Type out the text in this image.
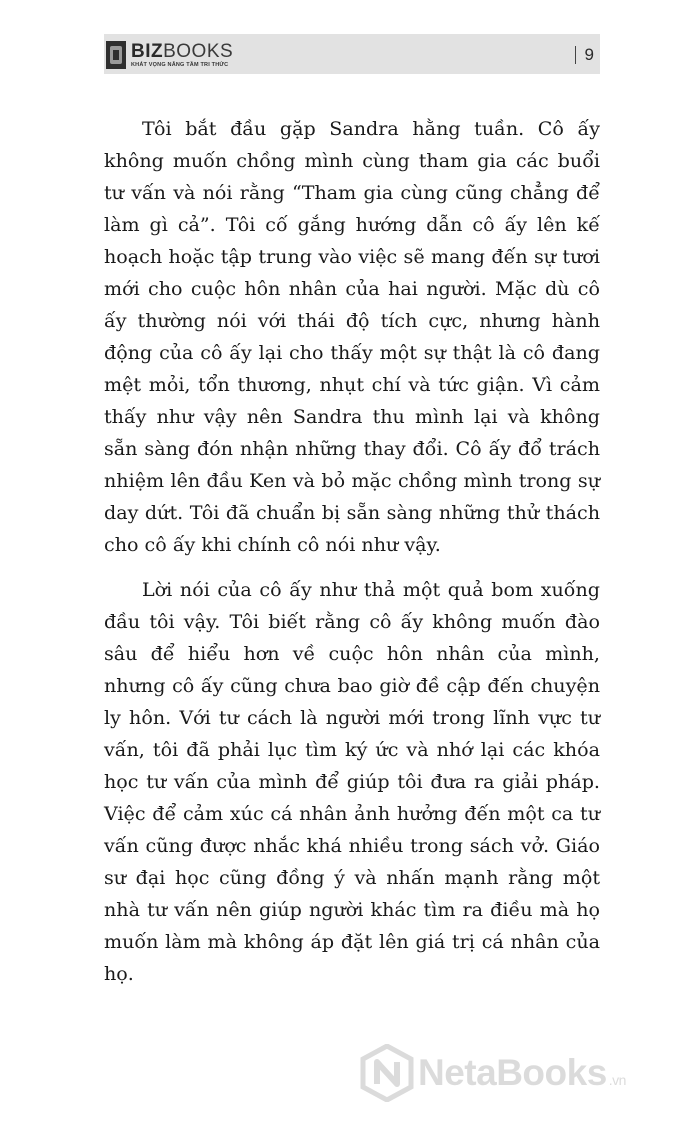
BIZBOOKS
KHÁT VỌNG NÂNG TẦM TRI THỨC
9

Tôi bắt đầu gặp Sandra hằng tuần. Cô ấy không muốn chồng mình cùng tham gia các buổi tư vấn và nói rằng “Tham gia cùng cũng chẳng để làm gì cả”. Tôi cố gắng hướng dẫn cô ấy lên kế hoạch hoặc tập trung vào việc sẽ mang đến sự tươi mới cho cuộc hôn nhân của hai người. Mặc dù cô ấy thường nói với thái độ tích cực, nhưng hành động của cô ấy lại cho thấy một sự thật là cô đang mệt mỏi, tổn thương, nhụt chí và tức giận. Vì cảm thấy như vậy nên Sandra thu mình lại và không sẵn sàng đón nhận những thay đổi. Cô ấy đổ trách nhiệm lên đầu Ken và bỏ mặc chồng mình trong sự day dứt. Tôi đã chuẩn bị sẵn sàng những thử thách cho cô ấy khi chính cô nói như vậy.

Lời nói của cô ấy như thả một quả bom xuống đầu tôi vậy. Tôi biết rằng cô ấy không muốn đào sâu để hiểu hơn về cuộc hôn nhân của mình, nhưng cô ấy cũng chưa bao giờ đề cập đến chuyện ly hôn. Với tư cách là người mới trong lĩnh vực tư vấn, tôi đã phải lục tìm ký ức và nhớ lại các khóa học tư vấn của mình để giúp tôi đưa ra giải pháp. Việc để cảm xúc cá nhân ảnh hưởng đến một ca tư vấn cũng được nhắc khá nhiều trong sách vở. Giáo sư đại học cũng đồng ý và nhấn mạnh rằng một nhà tư vấn nên giúp người khác tìm ra điều mà họ muốn làm mà không áp đặt lên giá trị cá nhân của họ.

NetaBooks .vn
